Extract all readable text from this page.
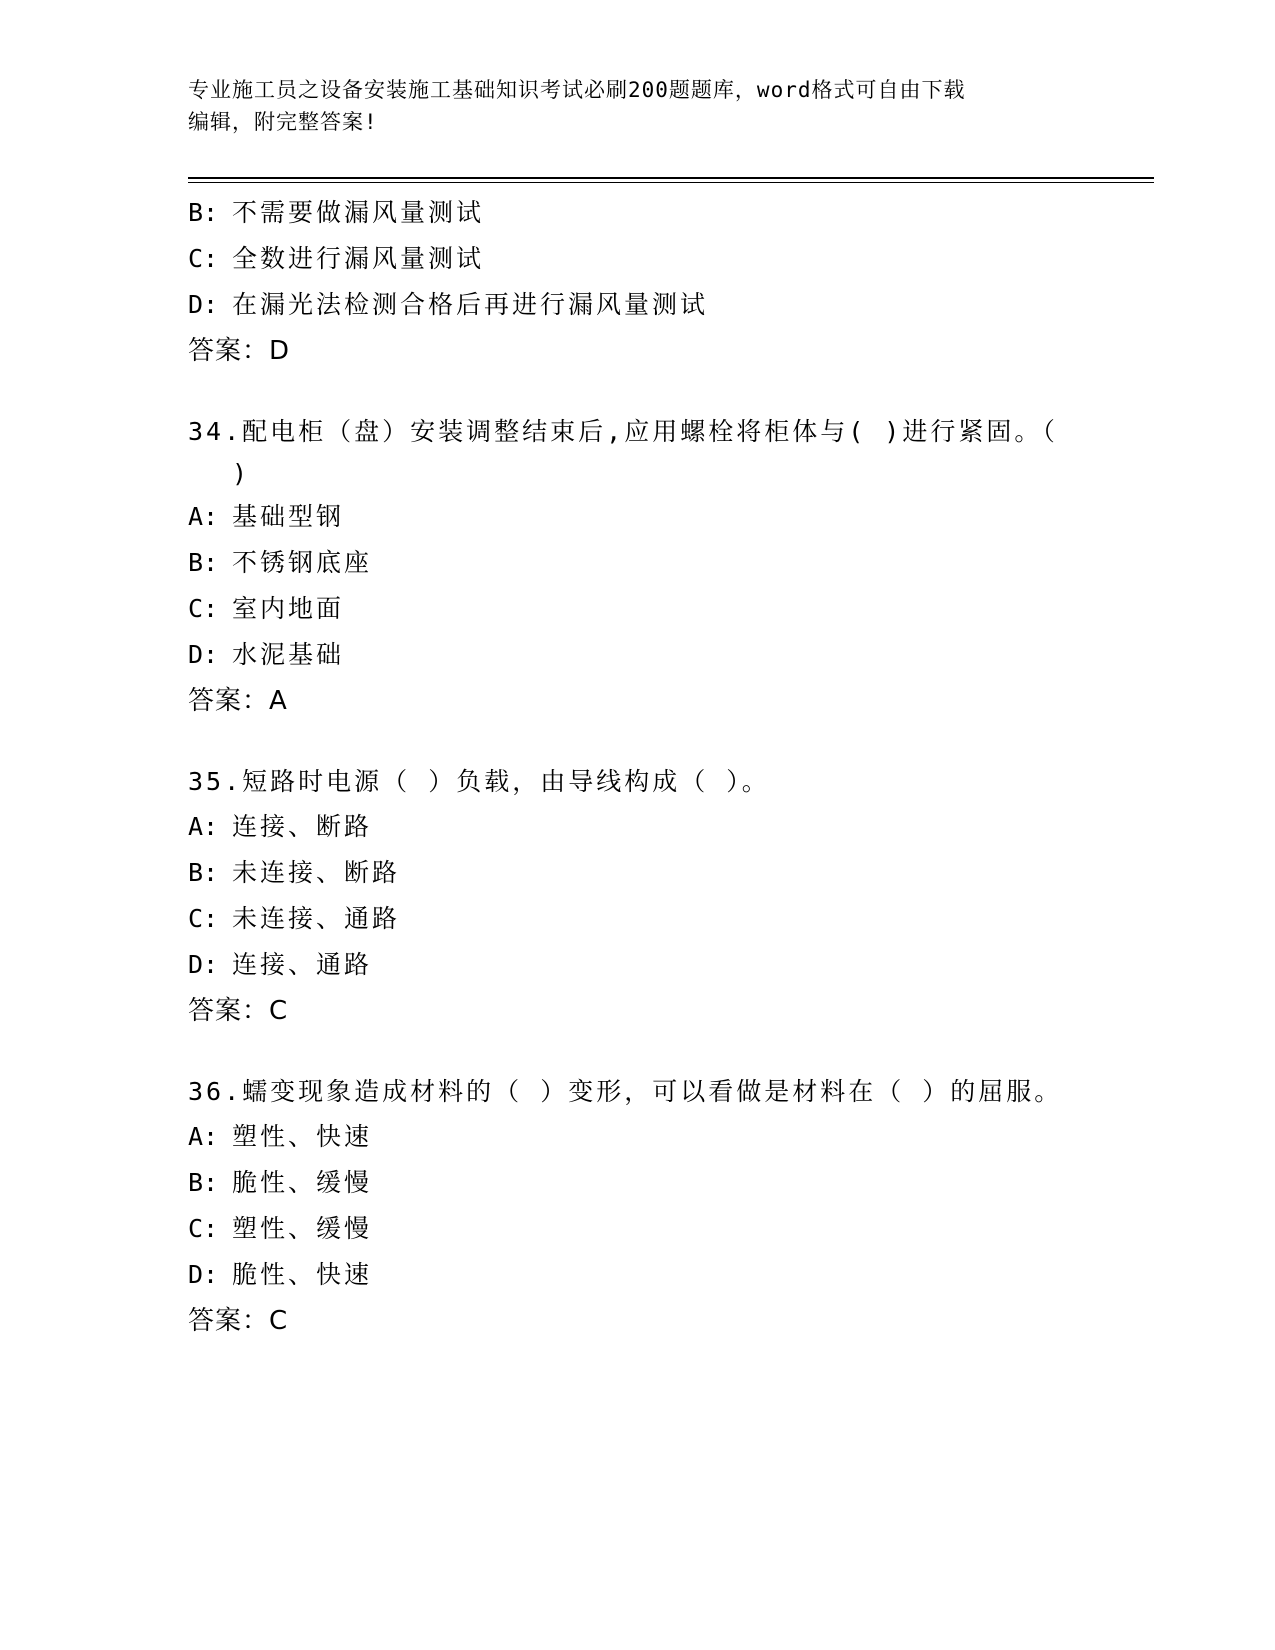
专业施工员之设备安装施工基础知识考试必刷200题题库，word格式可自由下载
编辑，附完整答案!
B: 不需要做漏风量测试
C: 全数进行漏风量测试
D: 在漏光法检测合格后再进行漏风量测试
答案：D
34.配电柜（盘）安装调整结束后,应用螺栓将柜体与( )进行紧固。（
)
A: 基础型钢
B: 不锈钢底座
C: 室内地面
D: 水泥基础
答案：A
35.短路时电源（ ）负载，由导线构成（ ）。
A: 连接、断路
B: 未连接、断路
C: 未连接、通路
D: 连接、通路
答案：C
36.蠕变现象造成材料的（ ）变形，可以看做是材料在（ ）的屈服。
A: 塑性、快速
B: 脆性、缓慢
C: 塑性、缓慢
D: 脆性、快速
答案：C
